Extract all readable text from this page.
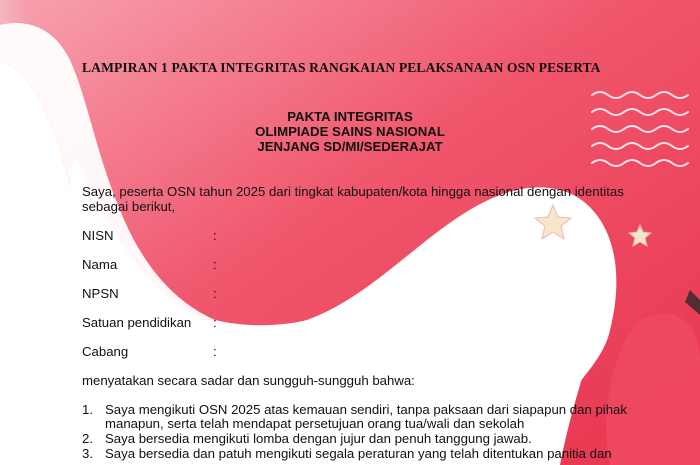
LAMPIRAN 1 PAKTA INTEGRITAS RANGKAIAN PELAKSANAAN OSN PESERTA
PAKTA INTEGRITAS
OLIMPIADE SAINS NASIONAL
JENJANG SD/MI/SEDERAJAT
Saya, peserta OSN tahun 2025 dari tingkat kabupaten/kota hingga nasional dengan identitas
sebagai berikut,
NISN	:
Nama	:
NPSN	:
Satuan pendidikan :
Cabang	:
menyatakan secara sadar dan sungguh-sungguh bahwa:
1. Saya mengikuti OSN 2025 atas kemauan sendiri, tanpa paksaan dari siapapun dan pihak
manapun, serta telah mendapat persetujuan orang tua/wali dan sekolah
2. Saya bersedia mengikuti lomba dengan jujur dan penuh tanggung jawab.
3. Saya bersedia dan patuh mengikuti segala peraturan yang telah ditentukan panitia dan
